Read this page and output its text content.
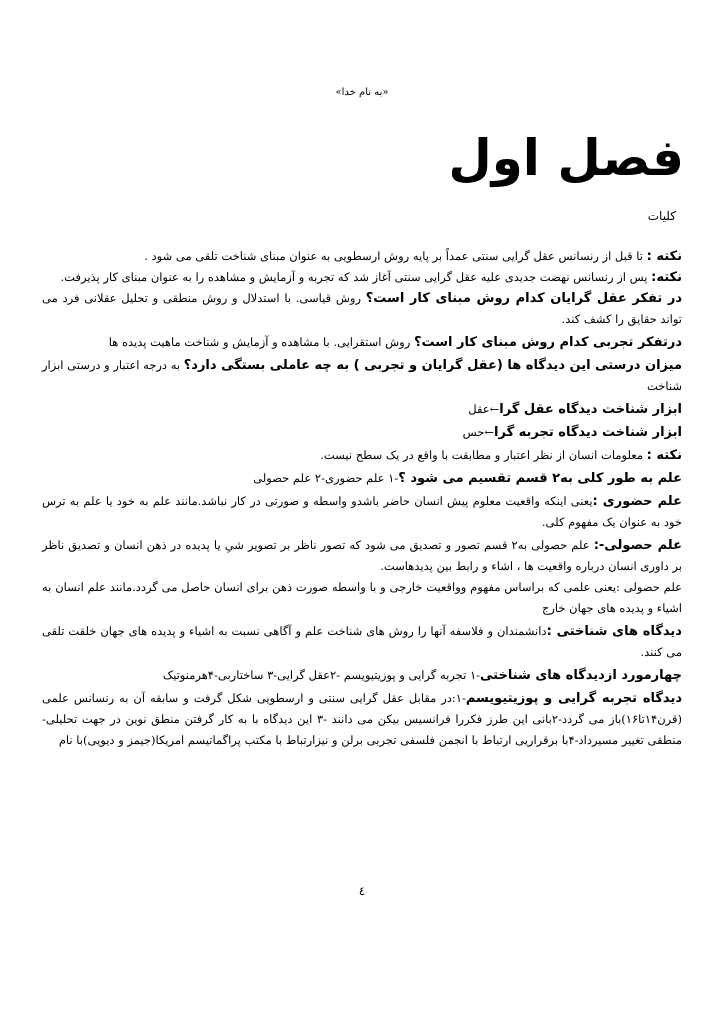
«به نام خدا»
فصل اول
کلیات

نکته : تا قبل از رنسانس عقل گرایی سنتی عمداً بر پایه روش ارسطویی به عنوان مبنای شناخت تلقی می شود .

نکته: پس از رنسانس نهضت جدیدی علیه عقل گرایی سنتی آغاز شد که تجربه و آزمایش و مشاهده را به عنوان مبنای کار پذیرفت.

در تفکر عقل گرایان کدام روش مبنای کار است؟ روش قیاسی. با استدلال و روش منطقی و تحلیل عقلانی فرد می تواند حقایق را کشف کند.

درتفکر تجربی کدام روش مبنای کار است؟ روش استقرایی. با مشاهده و آزمایش و شناخت ماهیت پدیده ها

میزان درستی این دیدگاه ها (عقل گرایان و تجربی ) به چه عاملی بستگی دارد؟ به درجه اعتبار و درستی ابزار شناخت

ابزار شناخت دیدگاه عقل گرا←عقل

ابزار شناخت دیدگاه تجربه گرا←حس

نکته : معلومات انسان از نظر اعتبار و مطابقت با واقع در یک سطح نیست.

علم به طور کلی به۲ قسم تقسیم می شود ؟-۱ علم حضوری-۲ علم حصولی

علم حضوری :یعنی اینکه واقعیت معلوم پیش انسان حاضر باشدو واسطه و صورتی در کار نباشد.مانند علم به خود یا علم به ترس خود به عنوان یک مفهوم کلی.

علم حصولی-: علم حصولی به۲ قسم تصور و تصدیق می شود که تصور ناظر بر تصویر شیِ یا پدیده در ذهن انسان و تصدیق ناظر بر داوری انسان درباره واقعیت ها ، اشاء و رابط بین پدیدهاست.

علم حصولی :یعنی علمی که براساس مفهوم وواقعیت خارجی و با واسطه صورت ذهن برای انسان حاصل می گردد.مانند علم انسان به اشیاء و پدیده های جهان خارج

دیدگاه های شناختی :دانشمندان و فلاسفه آنها را روش های شناخت علم و آگاهی نسبت به اشیاء و پدیده های جهان خلقت تلقی می کنند.

چهارمورد ازدیدگاه های شناختی-۱ تجربه گرایی و پوزیتیویسم -۲عقل گرایی-۳ ساختاربی-۴هرمنوتیک

دیدگاه تجربه گرایی و پوزیتیویسم-۱:در مقابل عقل گرایی سنتی و ارسطویی شکل گرفت و سابقه آن به رنسانس علمی (قرن۱۴تا۱۶)باز می گردد-۲بانی این طرز فکررا فرانسیس بیکن می دانند -۳ این دیدگاه با به کار گرفتن منطق نوین در جهت تحلیلی-منطقی تغییر مسیرداد-۴با برقراریی ارتباط با انجمن فلسفی تجربی برلن و نیزارتباط با مکتب پراگماتیسم امریکا(جیمز و دیویی)با نام

٤
